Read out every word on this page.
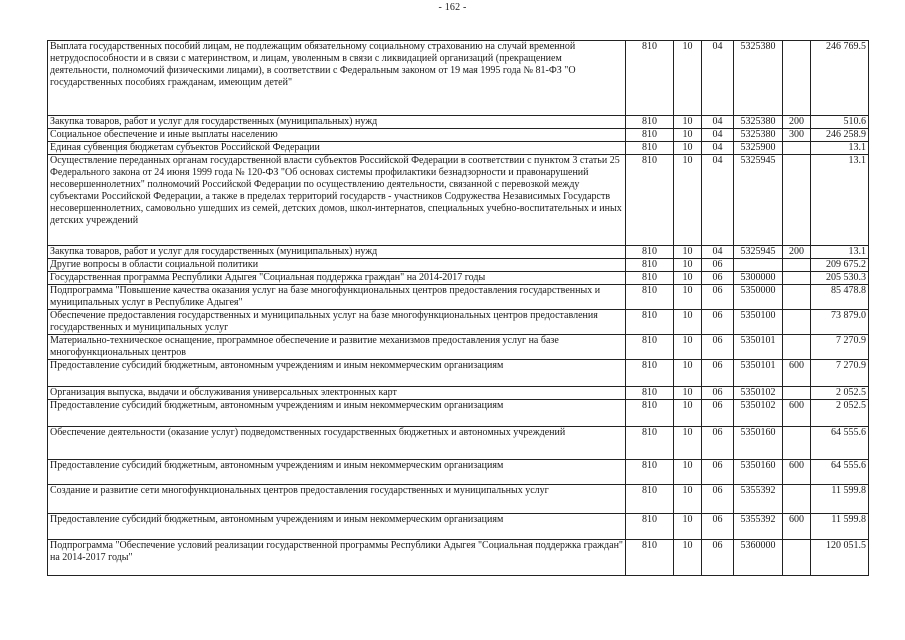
- 162 -
Выплата государственных пособий лицам, не подлежащим обязательному социальному страхованию на случай временной нетрудоспособности и в связи с материнством, и лицам, уволенным в связи с ликвидацией организаций (прекращением деятельности, полномочий физическими лицами), в соответствии с Федеральным законом от 19 мая 1995 года № 81-ФЗ "О государственных пособиях гражданам, имеющим детей"	810	10	04	5325380		246 769.5
Закупка товаров, работ и услуг для государственных (муниципальных) нужд	810	10	04	5325380	200	510.6
Социальное обеспечение и иные выплаты населению	810	10	04	5325380	300	246 258.9
Единая субвенция бюджетам субъектов Российской Федерации	810	10	04	5325900		13.1
Осуществление переданных органам государственной власти субъектов Российской Федерации в соответствии с пунктом 3 статьи 25 Федерального закона от 24 июня 1999 года № 120-ФЗ "Об основах системы профилактики безнадзорности и правонарушений несовершеннолетних" полномочий Российской Федерации по осуществлению деятельности, связанной с перевозкой между субъектами Российской Федерации, а также в пределах территорий государств - участников Содружества Независимых Государств несовершеннолетних, самовольно ушедших из семей, детских домов, школ-интернатов, специальных учебно-воспитательных и иных детских учреждений	810	10	04	5325945		13.1
Закупка товаров, работ и услуг для государственных (муниципальных) нужд	810	10	04	5325945	200	13.1
Другие вопросы в области социальной политики	810	10	06			209 675.2
Государственная программа Республики Адыгея "Социальная поддержка граждан" на 2014-2017 годы	810	10	06	5300000		205 530.3
Подпрограмма "Повышение качества оказания услуг на базе многофункциональных центров предоставления государственных и муниципальных услуг в Республике Адыгея"	810	10	06	5350000		85 478.8
Обеспечение предоставления государственных и муниципальных услуг на базе многофункциональных центров предоставления государственных и муниципальных услуг	810	10	06	5350100		73 879.0
Материально-техническое оснащение, программное обеспечение и развитие механизмов предоставления услуг на базе многофункциональных центров	810	10	06	5350101		7 270.9
Предоставление субсидий бюджетным, автономным учреждениям и иным некоммерческим организациям	810	10	06	5350101	600	7 270.9
Организация выпуска, выдачи и обслуживания универсальных электронных карт	810	10	06	5350102		2 052.5
Предоставление субсидий бюджетным, автономным учреждениям и иным некоммерческим организациям	810	10	06	5350102	600	2 052.5
Обеспечение деятельности (оказание услуг) подведомственных государственных бюджетных и автономных учреждений	810	10	06	5350160		64 555.6
Предоставление субсидий бюджетным, автономным учреждениям и иным некоммерческим организациям	810	10	06	5350160	600	64 555.6
Создание и развитие сети многофункциональных центров предоставления государственных и муниципальных услуг	810	10	06	5355392		11 599.8
Предоставление субсидий бюджетным, автономным учреждениям и иным некоммерческим организациям	810	10	06	5355392	600	11 599.8
Подпрограмма "Обеспечение условий реализации государственной программы Республики Адыгея "Социальная поддержка граждан" на 2014-2017 годы"	810	10	06	5360000		120 051.5
